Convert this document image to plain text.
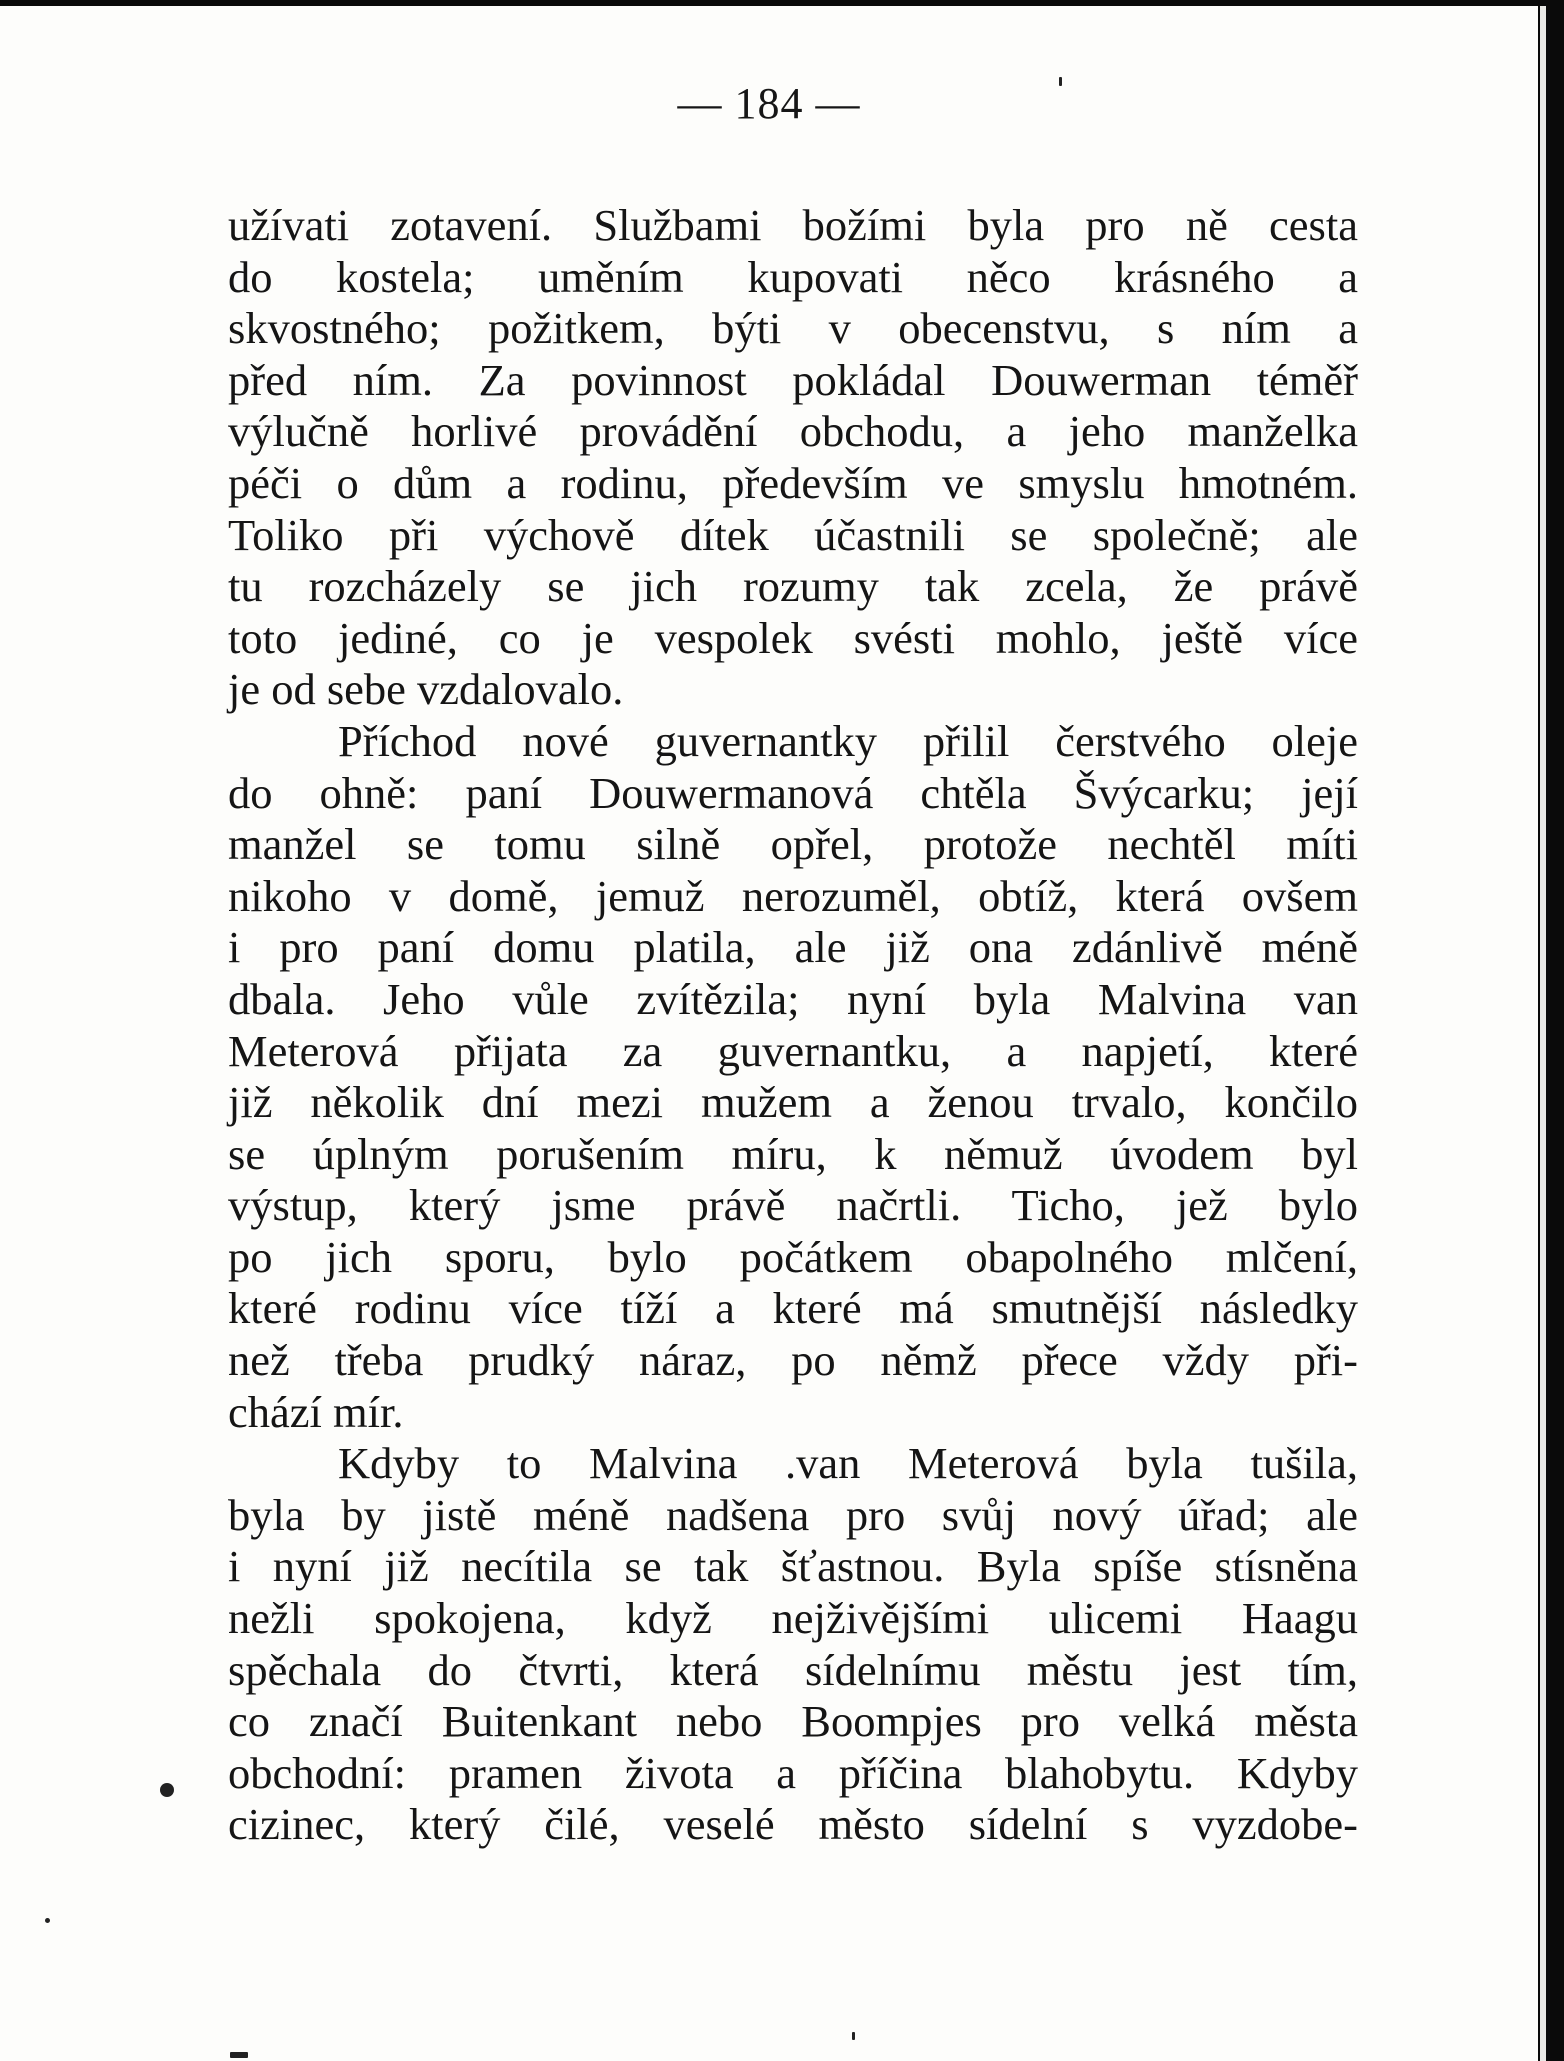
— 184 —
užívati zotavení. Službami božími byla pro ně cesta
do kostela; uměním kupovati něco krásného a
skvostného; požitkem, býti v obecenstvu, s ním a
před ním. Za povinnost pokládal Douwerman téměř
výlučně horlivé provádění obchodu, a jeho manželka
péči o dům a rodinu, především ve smyslu hmotném.
Toliko při výchově dítek účastnili se společně; ale
tu rozcházely se jich rozumy tak zcela, že právě
toto jediné, co je vespolek svésti mohlo, ještě více
je od sebe vzdalovalo.
Příchod nové guvernantky přilil čerstvého oleje
do ohně: paní Douwermanová chtěla Švýcarku; její
manžel se tomu silně opřel, protože nechtěl míti
nikoho v domě, jemuž nerozuměl, obtíž, která ovšem
i pro paní domu platila, ale již ona zdánlivě méně
dbala. Jeho vůle zvítězila; nyní byla Malvina van
Meterová přijata za guvernantku, a napjetí, které
již několik dní mezi mužem a ženou trvalo, končilo
se úplným porušením míru, k němuž úvodem byl
výstup, který jsme právě načrtli. Ticho, jež bylo
po jich sporu, bylo počátkem obapolného mlčení,
které rodinu více tíží a které má smutnější následky
než třeba prudký náraz, po němž přece vždy při-
chází mír.
Kdyby to Malvina .van Meterová byla tušila,
byla by jistě méně nadšena pro svůj nový úřad; ale
i nyní již necítila se tak šťastnou. Byla spíše stísněna
nežli spokojena, když nejživějšími ulicemi Haagu
spěchala do čtvrti, která sídelnímu městu jest tím,
co značí Buitenkant nebo Boompjes pro velká města
obchodní: pramen života a příčina blahobytu. Kdyby
cizinec, který čilé, veselé město sídelní s vyzdobe-
